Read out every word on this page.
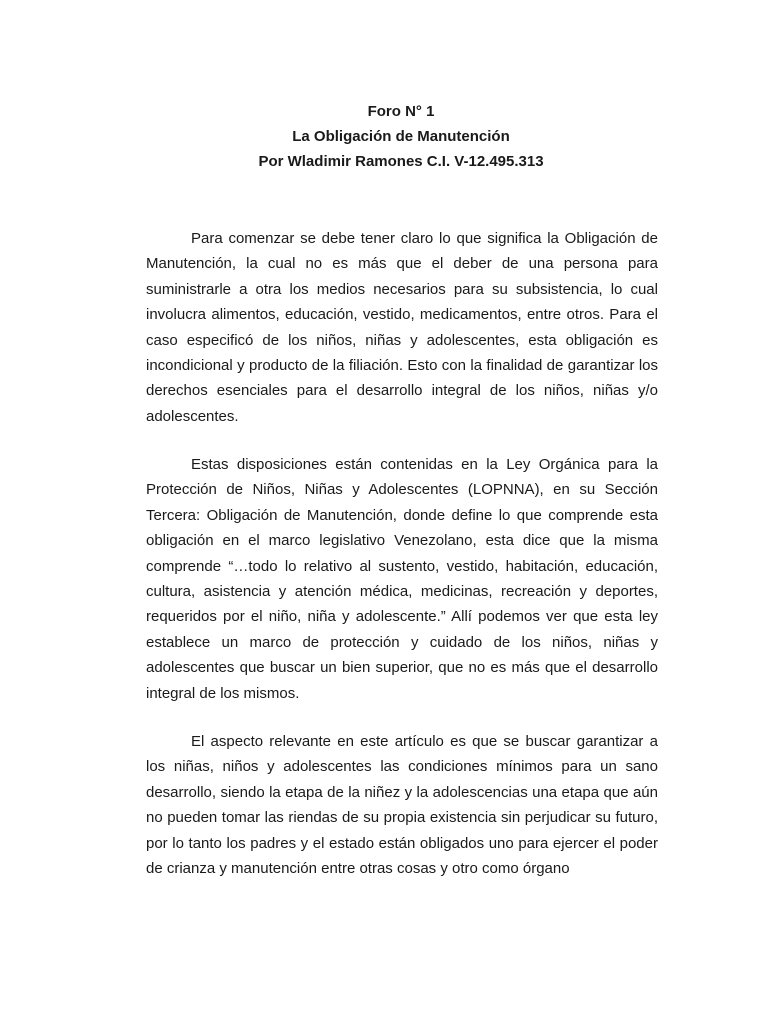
Foro N° 1
La Obligación de Manutención
Por Wladimir Ramones C.I. V-12.495.313

Para comenzar se debe tener claro lo que significa la Obligación de Manutención, la cual no es más que el deber de una persona para suministrarle a otra los medios necesarios para su subsistencia, lo cual involucra alimentos, educación, vestido, medicamentos, entre otros. Para el caso especificó de los niños, niñas y adolescentes, esta obligación es incondicional y producto de la filiación. Esto con la finalidad de garantizar los derechos esenciales para el desarrollo integral de los niños, niñas y/o adolescentes.

Estas disposiciones están contenidas en la Ley Orgánica para la Protección de Niños, Niñas y Adolescentes (LOPNNA), en su Sección Tercera: Obligación de Manutención, donde define lo que comprende esta obligación en el marco legislativo Venezolano, esta dice que la misma comprende “…todo lo relativo al sustento, vestido, habitación, educación, cultura, asistencia y atención médica, medicinas, recreación y deportes, requeridos por el niño, niña y adolescente.” Allí podemos ver que esta ley establece un marco de protección y cuidado de los niños, niñas y adolescentes que buscar un bien superior, que no es más que el desarrollo integral de los mismos.

El aspecto relevante en este artículo es que se buscar garantizar a los niñas, niños y adolescentes las condiciones mínimos para un sano desarrollo, siendo la etapa de la niñez y la adolescencias una etapa que aún no pueden tomar las riendas de su propia existencia sin perjudicar su futuro, por lo tanto los padres y el estado están obligados uno para ejercer el poder de crianza y manutención entre otras cosas y otro como órgano
